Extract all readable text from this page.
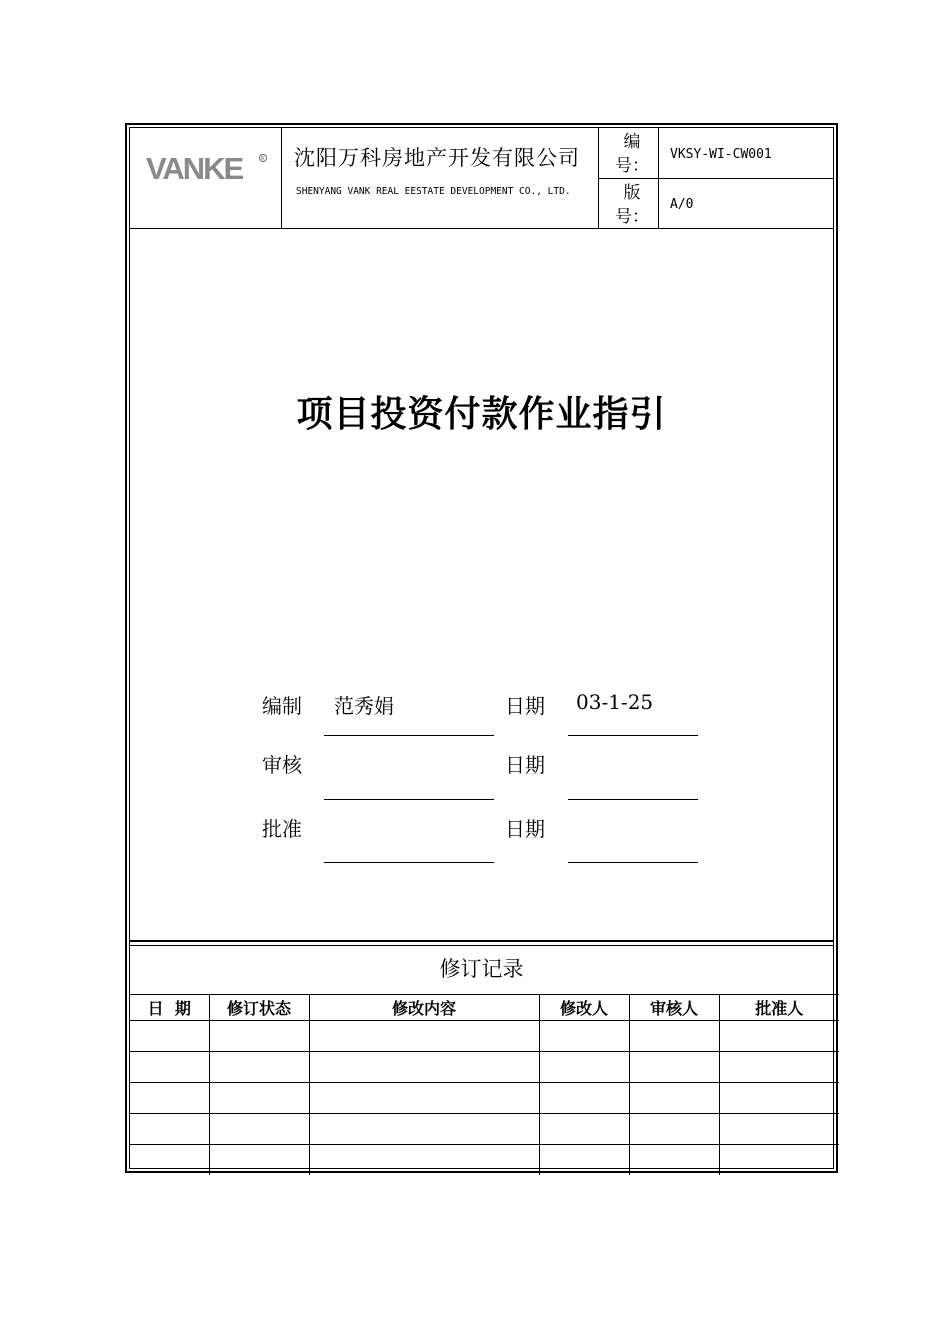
VANKE	R 沈阳万科房地产开发有限公司
SHENYANG VANK REAL EESTATE DEVELOPMENT CO., LTD.
编号：
VKSY-WI-CW001
版号：
A/0
项目投资付款作业指引
编制 范秀娟	日期 03-1-25
审核	日期
批准	日期
修订记录
日  期	修订状态	修改内容	修改人	审核人	批准人
